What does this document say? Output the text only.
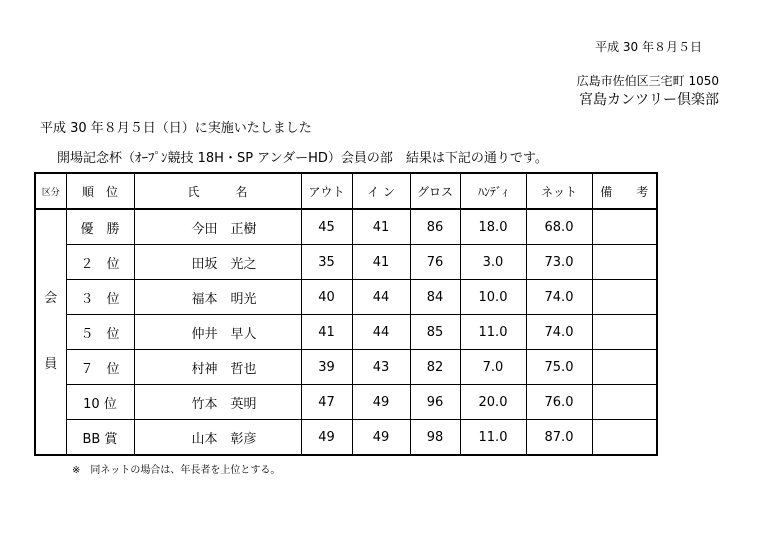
平成 30 年８月５日
広島市佐伯区三宅町 1050
宮島カンツリー倶楽部
平成 30 年８月５日（日）に実施いたしました
開場記念杯（ｵｰﾌﾟﾝ競技 18H・SP アンダーHD）会員の部　結果は下記の通りです。
区分	順　位	氏　　　名	アウト	イ ン	グロス	ﾊﾝﾃﾞｨ	ネット	備　　考

会
員	優　勝	今田 正樹	45	41	86	18.0	68.0	
	２　位	田坂 光之	35	41	76	3.0	73.0	
	３　位	福本 明光	40	44	84	10.0	74.0	
	５　位	仲井 早人	41	44	85	11.0	74.0	
	７　位	村神 哲也	39	43	82	7.0	75.0	
	10 位	竹本 英明	47	49	96	20.0	76.0	
	BB 賞	山本 彰彦	49	49	98	11.0	87.0	
※　同ネットの場合は、年長者を上位とする。
